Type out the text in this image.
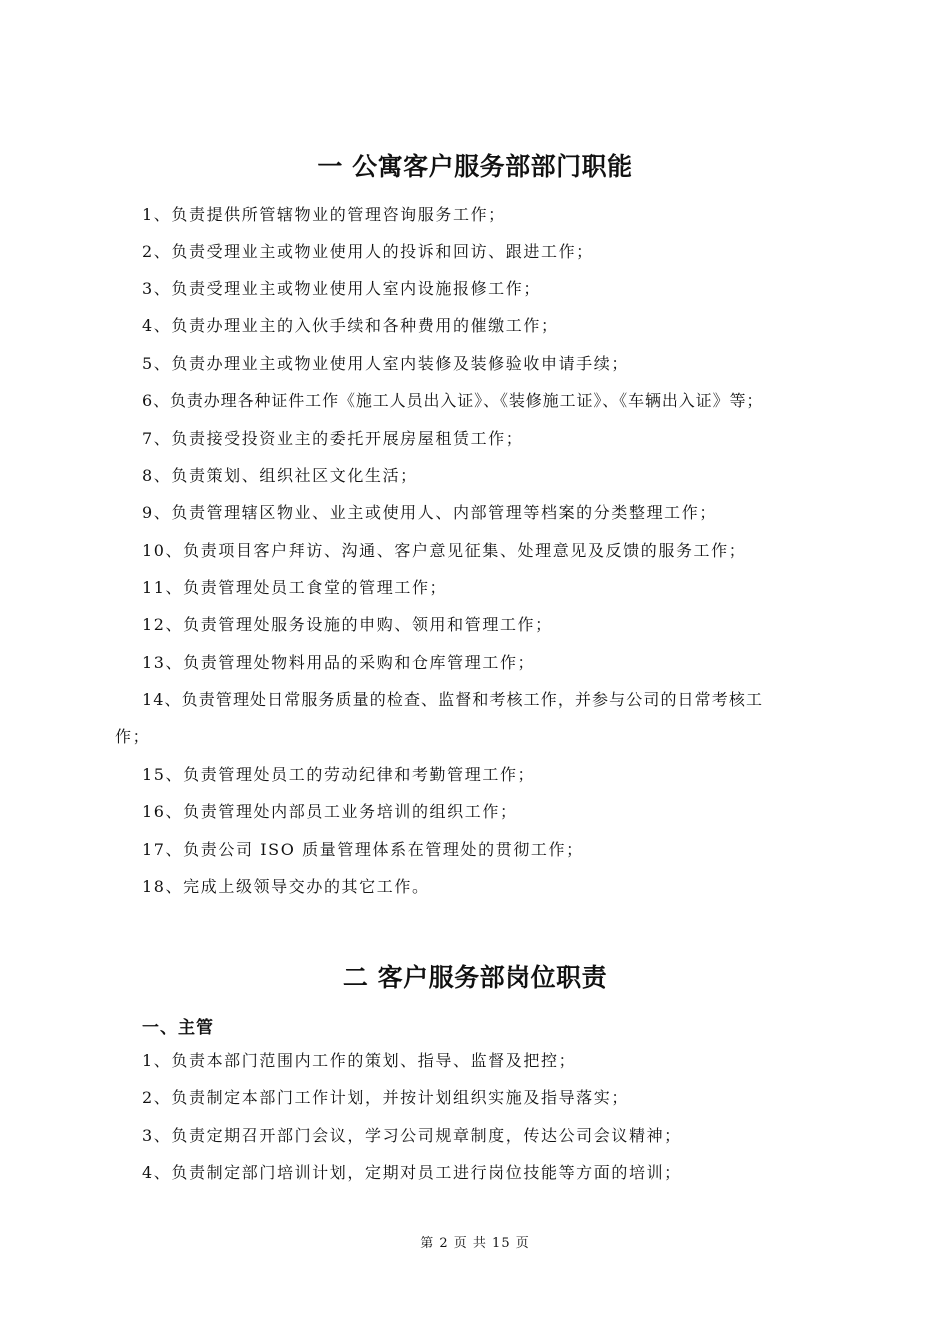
一 公寓客户服务部部门职能

1、负责提供所管辖物业的管理咨询服务工作；

2、负责受理业主或物业使用人的投诉和回访、跟进工作；

3、负责受理业主或物业使用人室内设施报修工作；

4、负责办理业主的入伙手续和各种费用的催缴工作；

5、负责办理业主或物业使用人室内装修及装修验收申请手续；

6、负责办理各种证件工作《施工人员出入证》、《装修施工证》、《车辆出入证》等；

7、负责接受投资业主的委托开展房屋租赁工作；

8、负责策划、组织社区文化生活；

9、负责管理辖区物业、业主或使用人、内部管理等档案的分类整理工作；

10、负责项目客户拜访、沟通、客户意见征集、处理意见及反馈的服务工作；

11、负责管理处员工食堂的管理工作；

12、负责管理处服务设施的申购、领用和管理工作；

13、负责管理处物料用品的采购和仓库管理工作；

14、负责管理处日常服务质量的检查、监督和考核工作，并参与公司的日常考核工

作；

15、负责管理处员工的劳动纪律和考勤管理工作；

16、负责管理处内部员工业务培训的组织工作；

17、负责公司 ISO 质量管理体系在管理处的贯彻工作；

18、完成上级领导交办的其它工作。

二 客户服务部岗位职责

一、主管

1、负责本部门范围内工作的策划、指导、监督及把控；

2、负责制定本部门工作计划，并按计划组织实施及指导落实；

3、负责定期召开部门会议，学习公司规章制度，传达公司会议精神；

4、负责制定部门培训计划，定期对员工进行岗位技能等方面的培训；

第 2 页 共 15 页
